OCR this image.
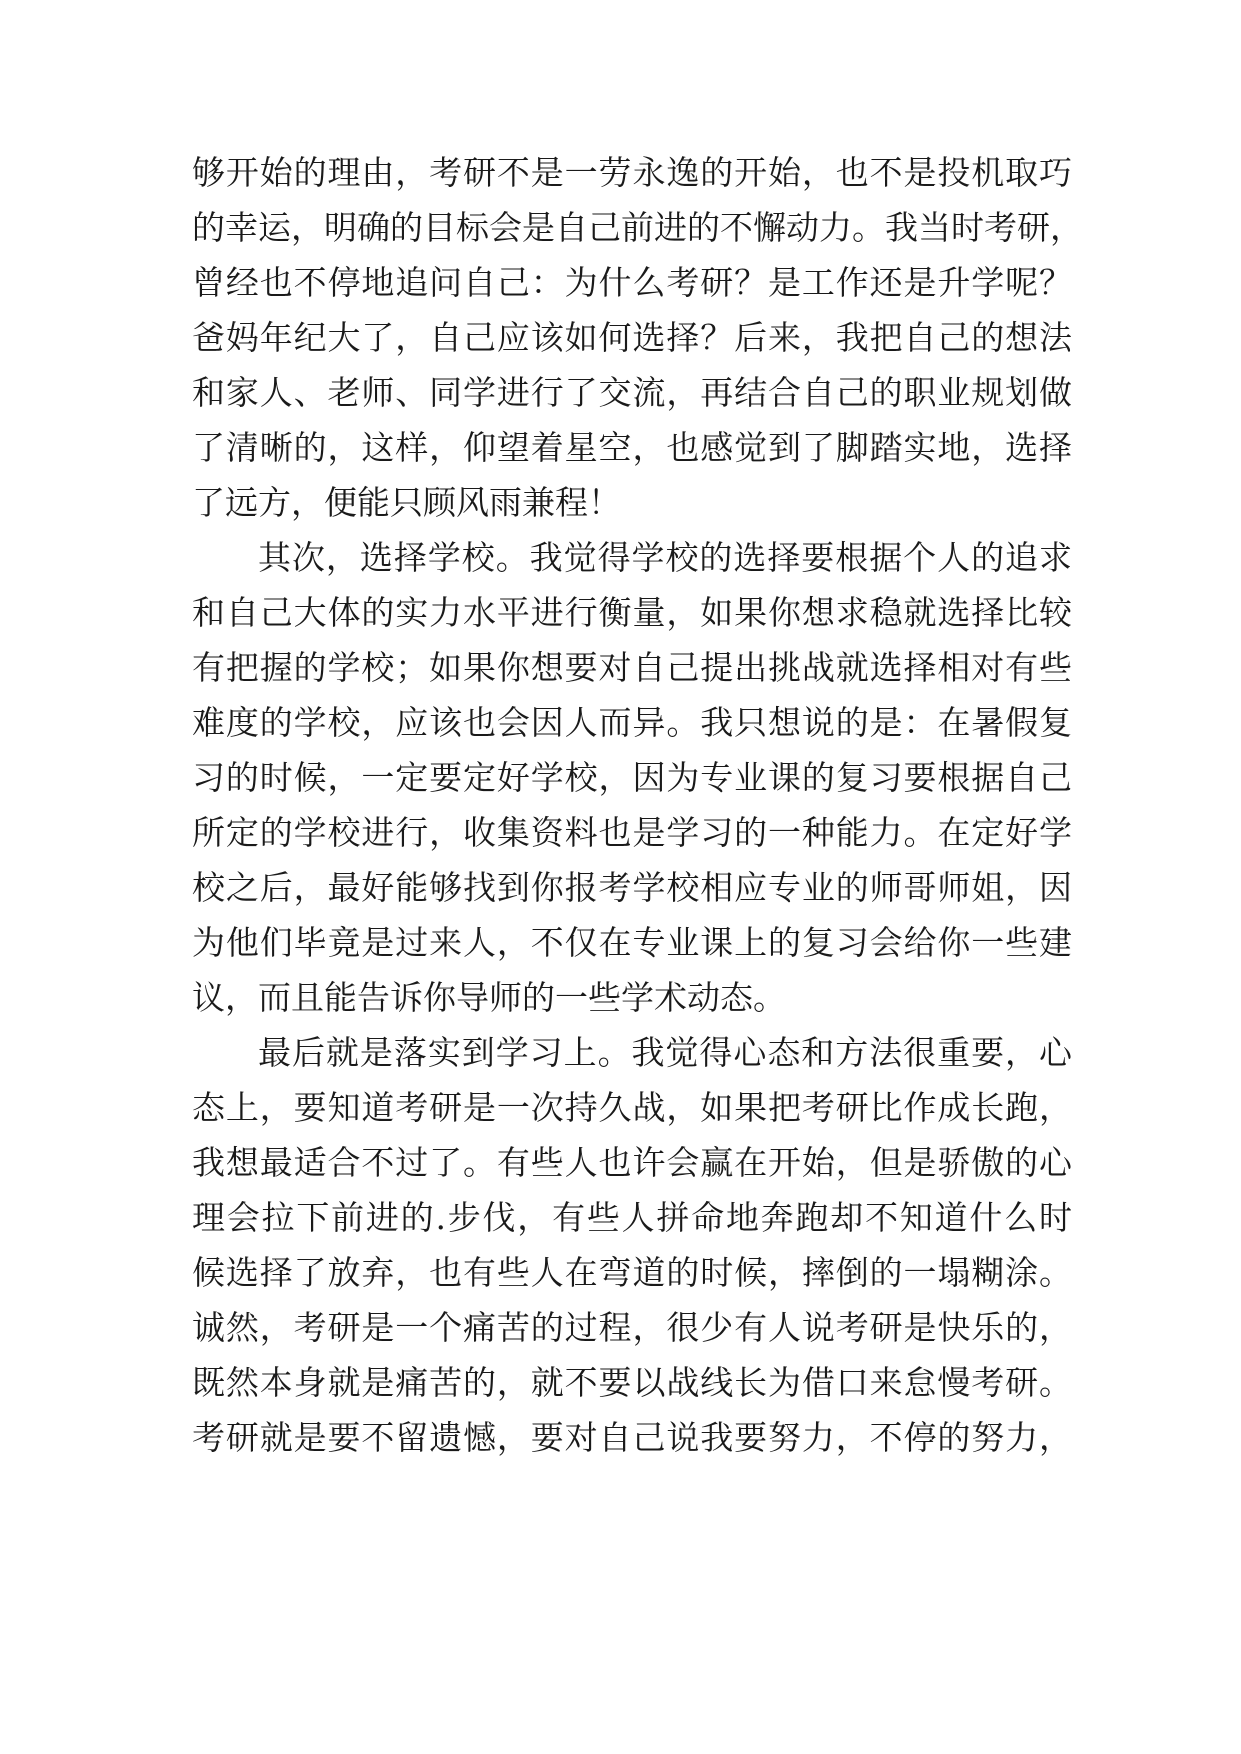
够开始的理由，考研不是一劳永逸的开始，也不是投机取巧
的幸运，明确的目标会是自己前进的不懈动力。我当时考研，
曾经也不停地追问自己：为什么考研？是工作还是升学呢？
爸妈年纪大了，自己应该如何选择？后来，我把自己的想法
和家人、老师、同学进行了交流，再结合自己的职业规划做
了清晰的，这样，仰望着星空，也感觉到了脚踏实地，选择
了远方，便能只顾风雨兼程！
其次，选择学校。我觉得学校的选择要根据个人的追求
和自己大体的实力水平进行衡量，如果你想求稳就选择比较
有把握的学校；如果你想要对自己提出挑战就选择相对有些
难度的学校，应该也会因人而异。我只想说的是：在暑假复
习的时候，一定要定好学校，因为专业课的复习要根据自己
所定的学校进行，收集资料也是学习的一种能力。在定好学
校之后，最好能够找到你报考学校相应专业的师哥师姐，因
为他们毕竟是过来人，不仅在专业课上的复习会给你一些建
议，而且能告诉你导师的一些学术动态。
最后就是落实到学习上。我觉得心态和方法很重要，心
态上，要知道考研是一次持久战，如果把考研比作成长跑，
我想最适合不过了。有些人也许会赢在开始，但是骄傲的心
理会拉下前进的.步伐，有些人拼命地奔跑却不知道什么时
候选择了放弃，也有些人在弯道的时候，摔倒的一塌糊涂。
诚然，考研是一个痛苦的过程，很少有人说考研是快乐的，
既然本身就是痛苦的，就不要以战线长为借口来怠慢考研。
考研就是要不留遗憾，要对自己说我要努力，不停的努力，
